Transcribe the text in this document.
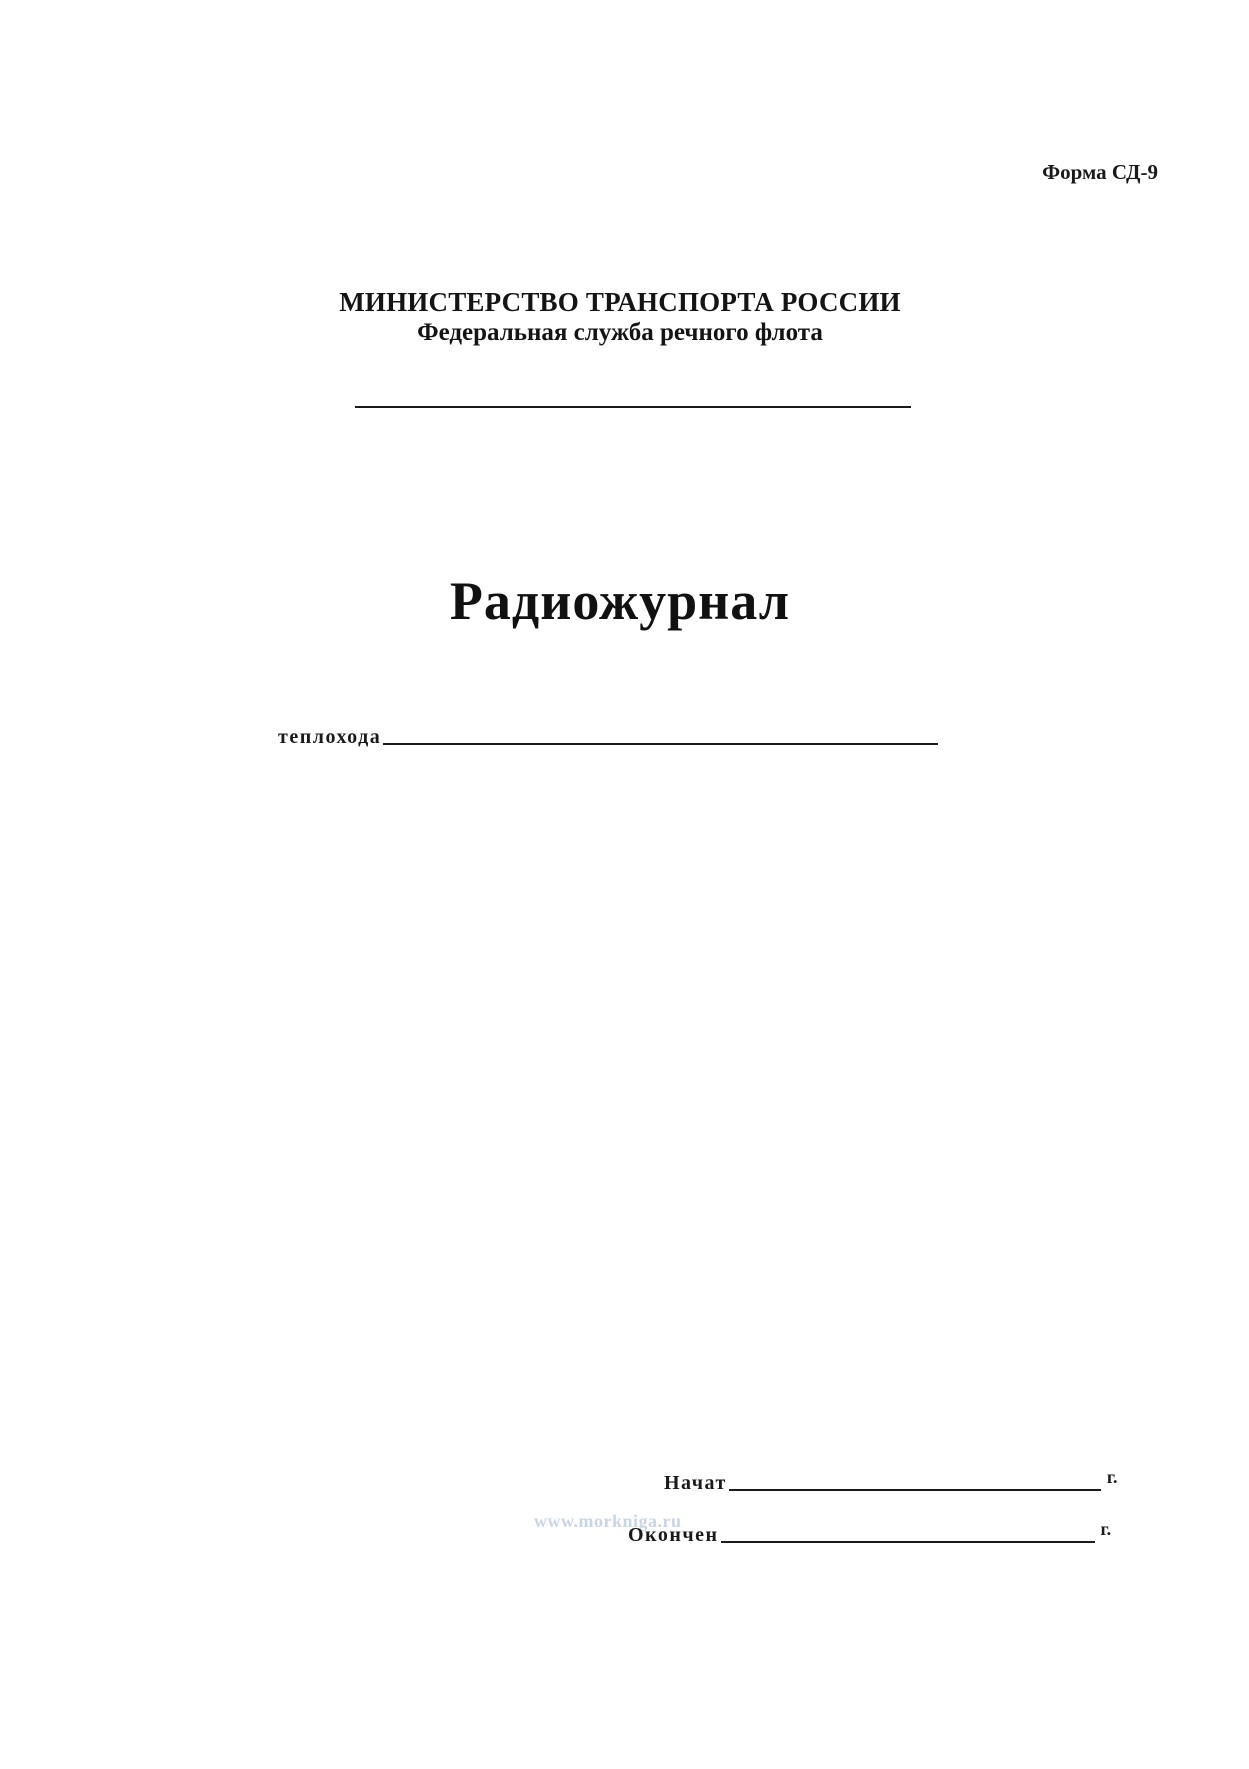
Форма СД-9
МИНИСТЕРСТВО ТРАНСПОРТА РОССИИ
Федеральная служба речного флота
Радиожурнал
теплохода
Начат	г.
www.morkniga.ru
Окончен	г.
